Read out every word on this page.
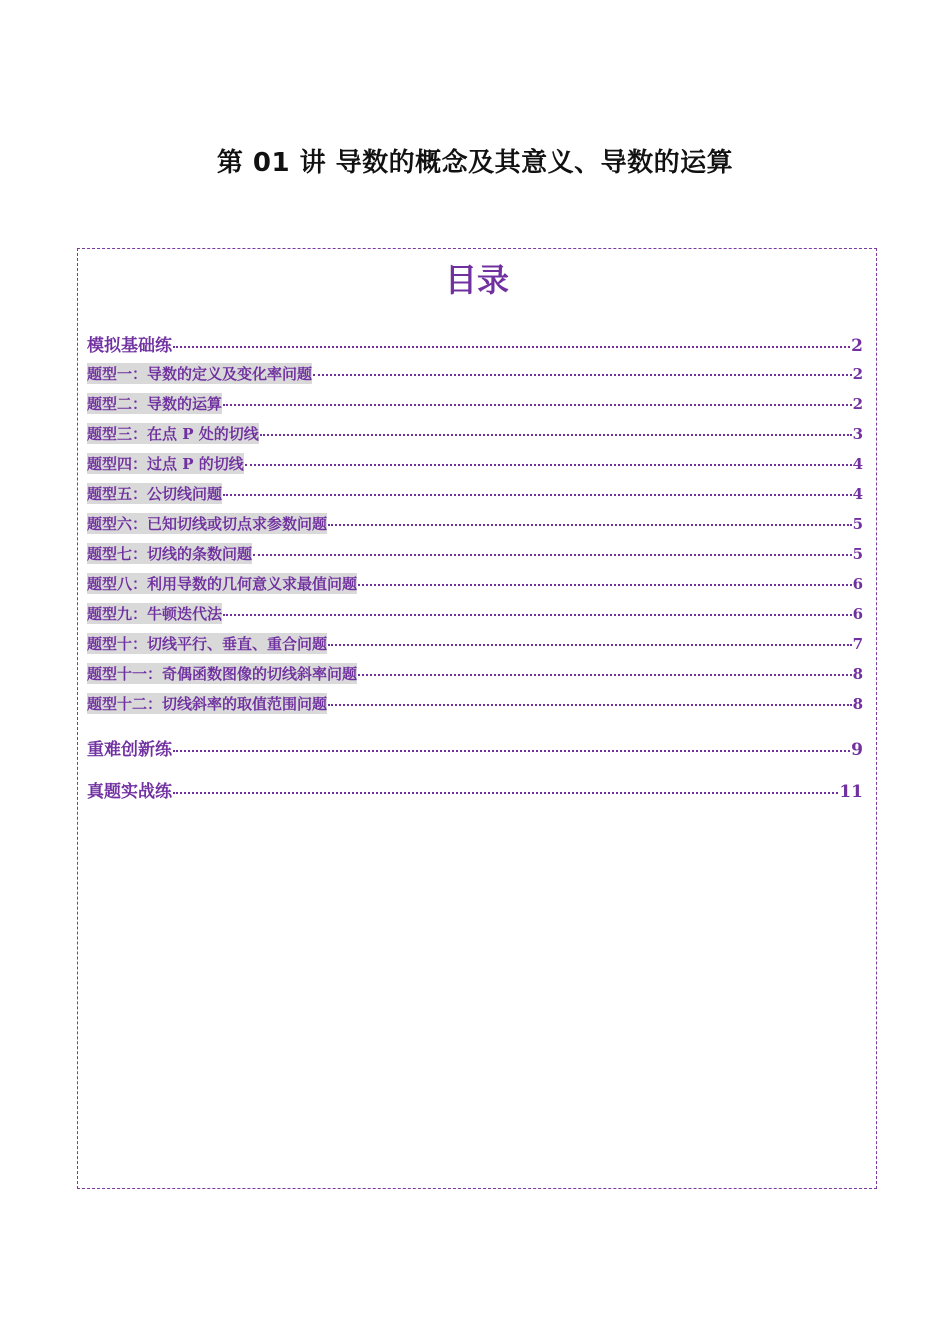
第 01 讲 导数的概念及其意义、导数的运算
目录
模拟基础练	2
题型一：导数的定义及变化率问题	2
题型二：导数的运算	2
题型三：在点 P 处的切线	3
题型四：过点 P 的切线	4
题型五：公切线问题	4
题型六：已知切线或切点求参数问题	5
题型七：切线的条数问题	5
题型八：利用导数的几何意义求最值问题	6
题型九：牛顿迭代法	6
题型十：切线平行、垂直、重合问题	7
题型十一：奇偶函数图像的切线斜率问题	8
题型十二：切线斜率的取值范围问题	8
重难创新练	9
真题实战练	11
